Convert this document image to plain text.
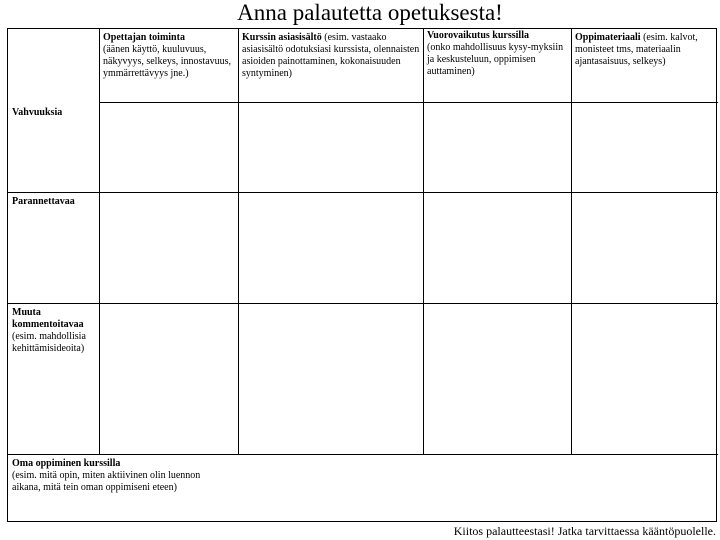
Anna palautetta opetuksesta!
Opettajan toiminta
(äänen käyttö, kuuluvuus, näkyvyys, selkeys, innostavuus, ymmärrettävyys jne.)
Kurssin asiasisältö (esim. vastaako asiasisältö odotuksiasi kurssista, olennaisten asioiden painottaminen, kokonaisuuden syntyminen)
Vuorovaikutus kurssilla
(onko mahdollisuus kysy-myksiin ja keskusteluun, oppimisen auttaminen)
Oppimateriaali (esim. kalvot, monisteet tms, materiaalin ajantasaisuus, selkeys)
Vahvuuksia
Parannettavaa
Muuta kommentoitavaa
(esim. mahdollisia kehittämisideoita)
Oma oppiminen kurssilla
(esim. mitä opin, miten aktiivinen olin luennon aikana, mitä tein oman oppimiseni eteen)
Kiitos palautteestasi! Jatka tarvittaessa kääntöpuolelle.
